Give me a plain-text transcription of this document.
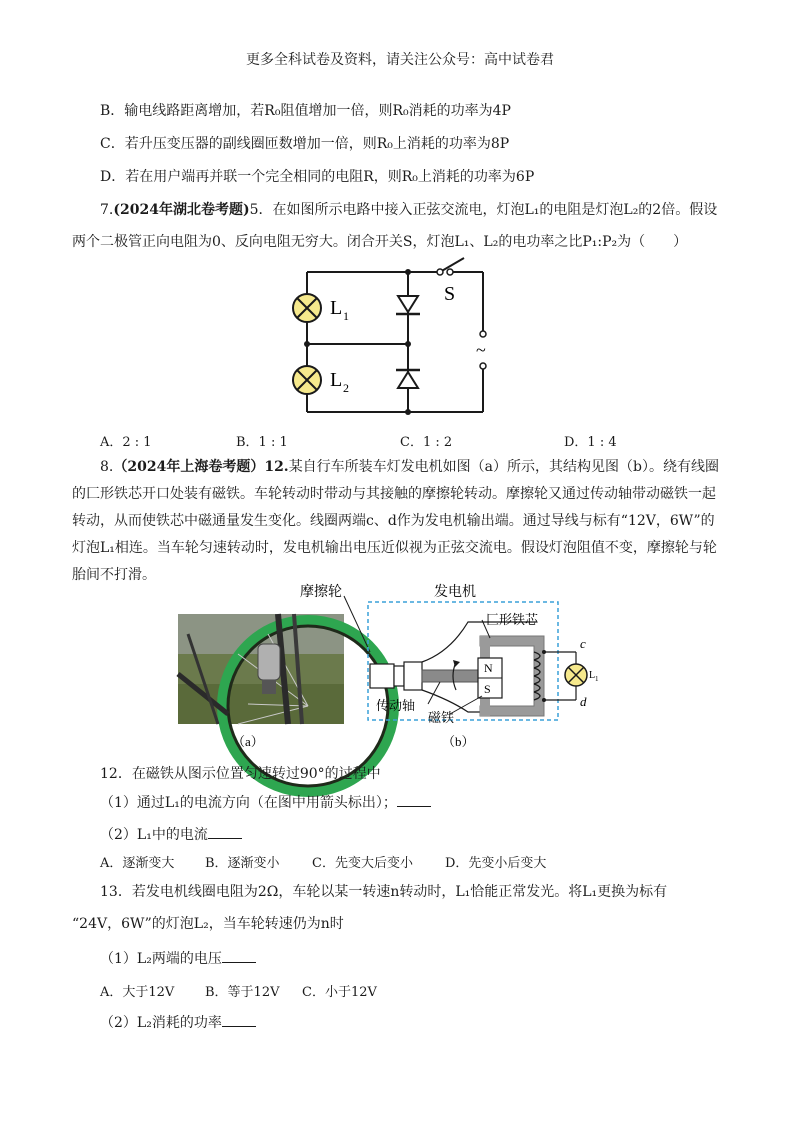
更多全科试卷及资料，请关注公众号：高中试卷君
B．输电线路距离增加，若R₀阻值增加一倍，则R₀消耗的功率为4P
C．若升压变压器的副线圈匝数增加一倍，则R₀上消耗的功率为8P
D．若在用户端再并联一个完全相同的电阻R，则R₀上消耗的功率为6P
7.(2024年湖北卷考题)5．在如图所示电路中接入正弦交流电，灯泡L₁的电阻是灯泡L₂的2倍。假设
两个二极管正向电阻为0、反向电阻无穷大。闭合开关S，灯泡L₁、L₂的电功率之比P₁:P₂为（　　）
L 1
L 2
S
~
A．2 : 1	B．1 : 1	C．1 : 2	D．1 : 4
8.（2024年上海卷考题）12.某自行车所装车灯发电机如图（a）所示，其结构见图（b）。绕有线圈
的匚形铁芯开口处装有磁铁。车轮转动时带动与其接触的摩擦轮转动。摩擦轮又通过传动轴带动磁铁一起
转动，从而使铁芯中磁通量发生变化。线圈两端c、d作为发电机输出端。通过导线与标有“12V，6W”的
灯泡L₁相连。当车轮匀速转动时，发电机输出电压近似视为正弦交流电。假设灯泡阻值不变，摩擦轮与轮
胎间不打滑。
摩擦轮	发电机
匚形铁芯
传动轴
磁铁
N
S
c
d
L 1
（a）	（b）
12．在磁铁从图示位置匀速转过90°的过程中
（1）通过L₁的电流方向（在图中用箭头标出）；
（2）L₁中的电流
A．逐渐变大 B．逐渐变小 C．先变大后变小 D．先变小后变大
13．若发电机线圈电阻为2Ω，车轮以某一转速n转动时，L₁恰能正常发光。将L₁更换为标有
“24V，6W”的灯泡L₂，当车轮转速仍为n时
（1）L₂两端的电压
A．大于12V B．等于12V C．小于12V
（2）L₂消耗的功率
